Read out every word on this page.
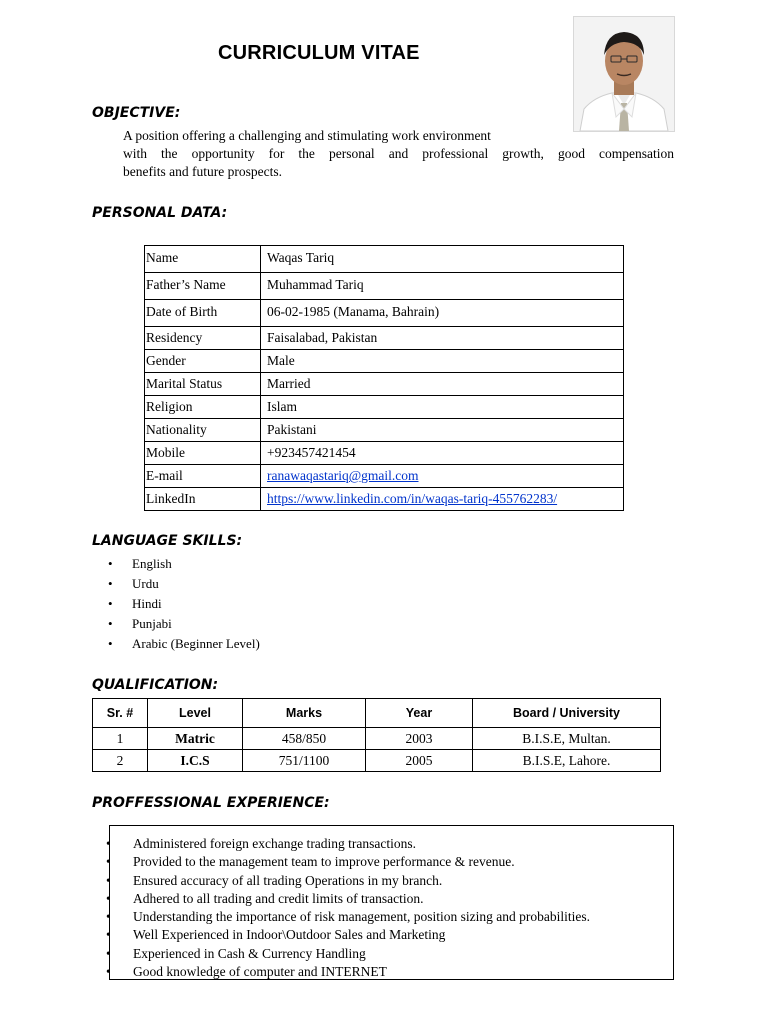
CURRICULUM VITAE
OBJECTIVE:
A position offering a challenging and stimulating work environment
with the opportunity for the personal and professional growth, good compensation
benefits and future prospects.
PERSONAL DATA:
Name	Waqas Tariq
Father’s Name	Muhammad Tariq
Date of Birth	06-02-1985 (Manama, Bahrain)
Residency	Faisalabad, Pakistan
Gender	Male
Marital Status	Married
Religion	Islam
Nationality	Pakistani
Mobile	+923457421454
E-mail	ranawaqastariq@gmail.com
LinkedIn	https://www.linkedin.com/in/waqas-tariq-455762283/
LANGUAGE SKILLS:
• English
• Urdu
• Hindi
• Punjabi
• Arabic (Beginner Level)
QUALIFICATION:
Sr. #	Level	Marks	Year	Board / University
1	Matric	458/850	2003	B.I.S.E, Multan.
2	I.C.S	751/1100	2005	B.I.S.E, Lahore.
PROFFESSIONAL EXPERIENCE:
• Administered foreign exchange trading transactions.
• Provided to the management team to improve performance & revenue.
• Ensured accuracy of all trading Operations in my branch.
• Adhered to all trading and credit limits of transaction.
• Understanding the importance of risk management, position sizing and probabilities.
• Well Experienced in Indoor\Outdoor Sales and Marketing
• Experienced in Cash & Currency Handling
• Good knowledge of computer and INTERNET
